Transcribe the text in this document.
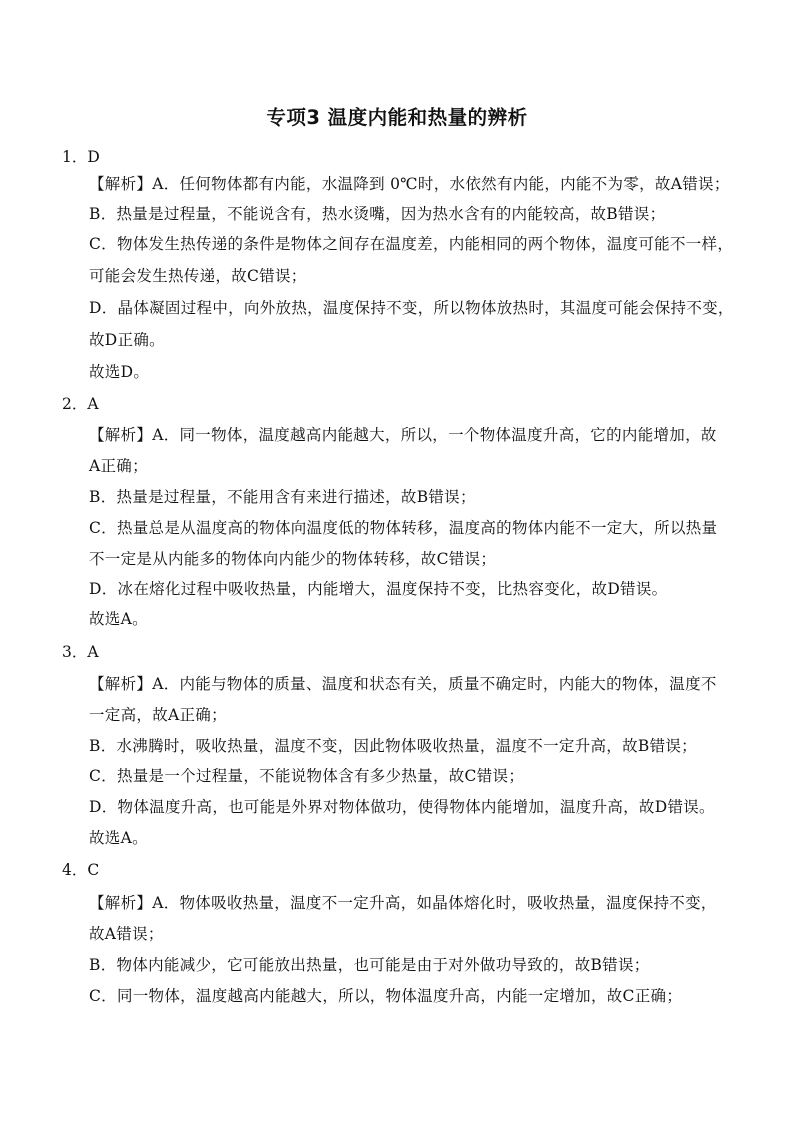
专项3 温度内能和热量的辨析
1．D
【解析】A．任何物体都有内能，水温降到 0℃时，水依然有内能，内能不为零，故A错误；
B．热量是过程量，不能说含有，热水烫嘴，因为热水含有的内能较高，故B错误；
C．物体发生热传递的条件是物体之间存在温度差，内能相同的两个物体，温度可能不一样，
可能会发生热传递，故C错误；
D．晶体凝固过程中，向外放热，温度保持不变，所以物体放热时，其温度可能会保持不变，
故D正确。
故选D。
2．A
【解析】A．同一物体，温度越高内能越大，所以，一个物体温度升高，它的内能增加，故
A正确；
B．热量是过程量，不能用含有来进行描述，故B错误；
C．热量总是从温度高的物体向温度低的物体转移，温度高的物体内能不一定大，所以热量
不一定是从内能多的物体向内能少的物体转移，故C错误；
D．冰在熔化过程中吸收热量，内能增大，温度保持不变，比热容变化，故D错误。
故选A。
3．A
【解析】A．内能与物体的质量、温度和状态有关，质量不确定时，内能大的物体，温度不
一定高，故A正确；
B．水沸腾时，吸收热量，温度不变，因此物体吸收热量，温度不一定升高，故B错误；
C．热量是一个过程量，不能说物体含有多少热量，故C错误；
D．物体温度升高，也可能是外界对物体做功，使得物体内能增加，温度升高，故D错误。
故选A。
4．C
【解析】A．物体吸收热量，温度不一定升高，如晶体熔化时，吸收热量，温度保持不变，
故A错误；
B．物体内能减少，它可能放出热量，也可能是由于对外做功导致的，故B错误；
C．同一物体，温度越高内能越大，所以，物体温度升高，内能一定增加，故C正确；
